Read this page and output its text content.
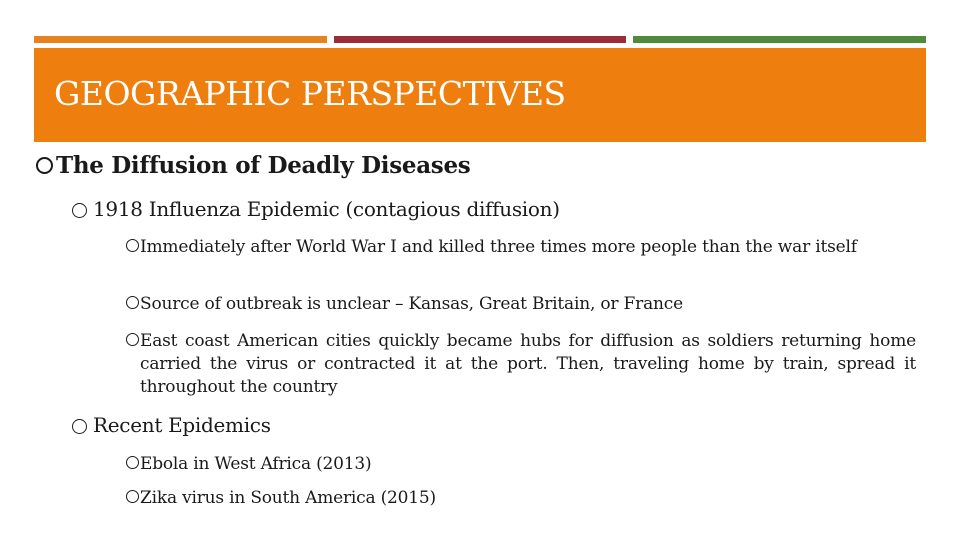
GEOGRAPHIC PERSPECTIVES
The Diffusion of Deadly Diseases
1918 Influenza Epidemic (contagious diffusion)
Immediately after World War I and killed three times more people than the war itself
Source of outbreak is unclear – Kansas, Great Britain, or France
East coast American cities quickly became hubs for diffusion as soldiers returning home carried the virus or contracted it at the port. Then, traveling home by train, spread it throughout the country
Recent Epidemics
Ebola in West Africa (2013)
Zika virus in South America (2015)
